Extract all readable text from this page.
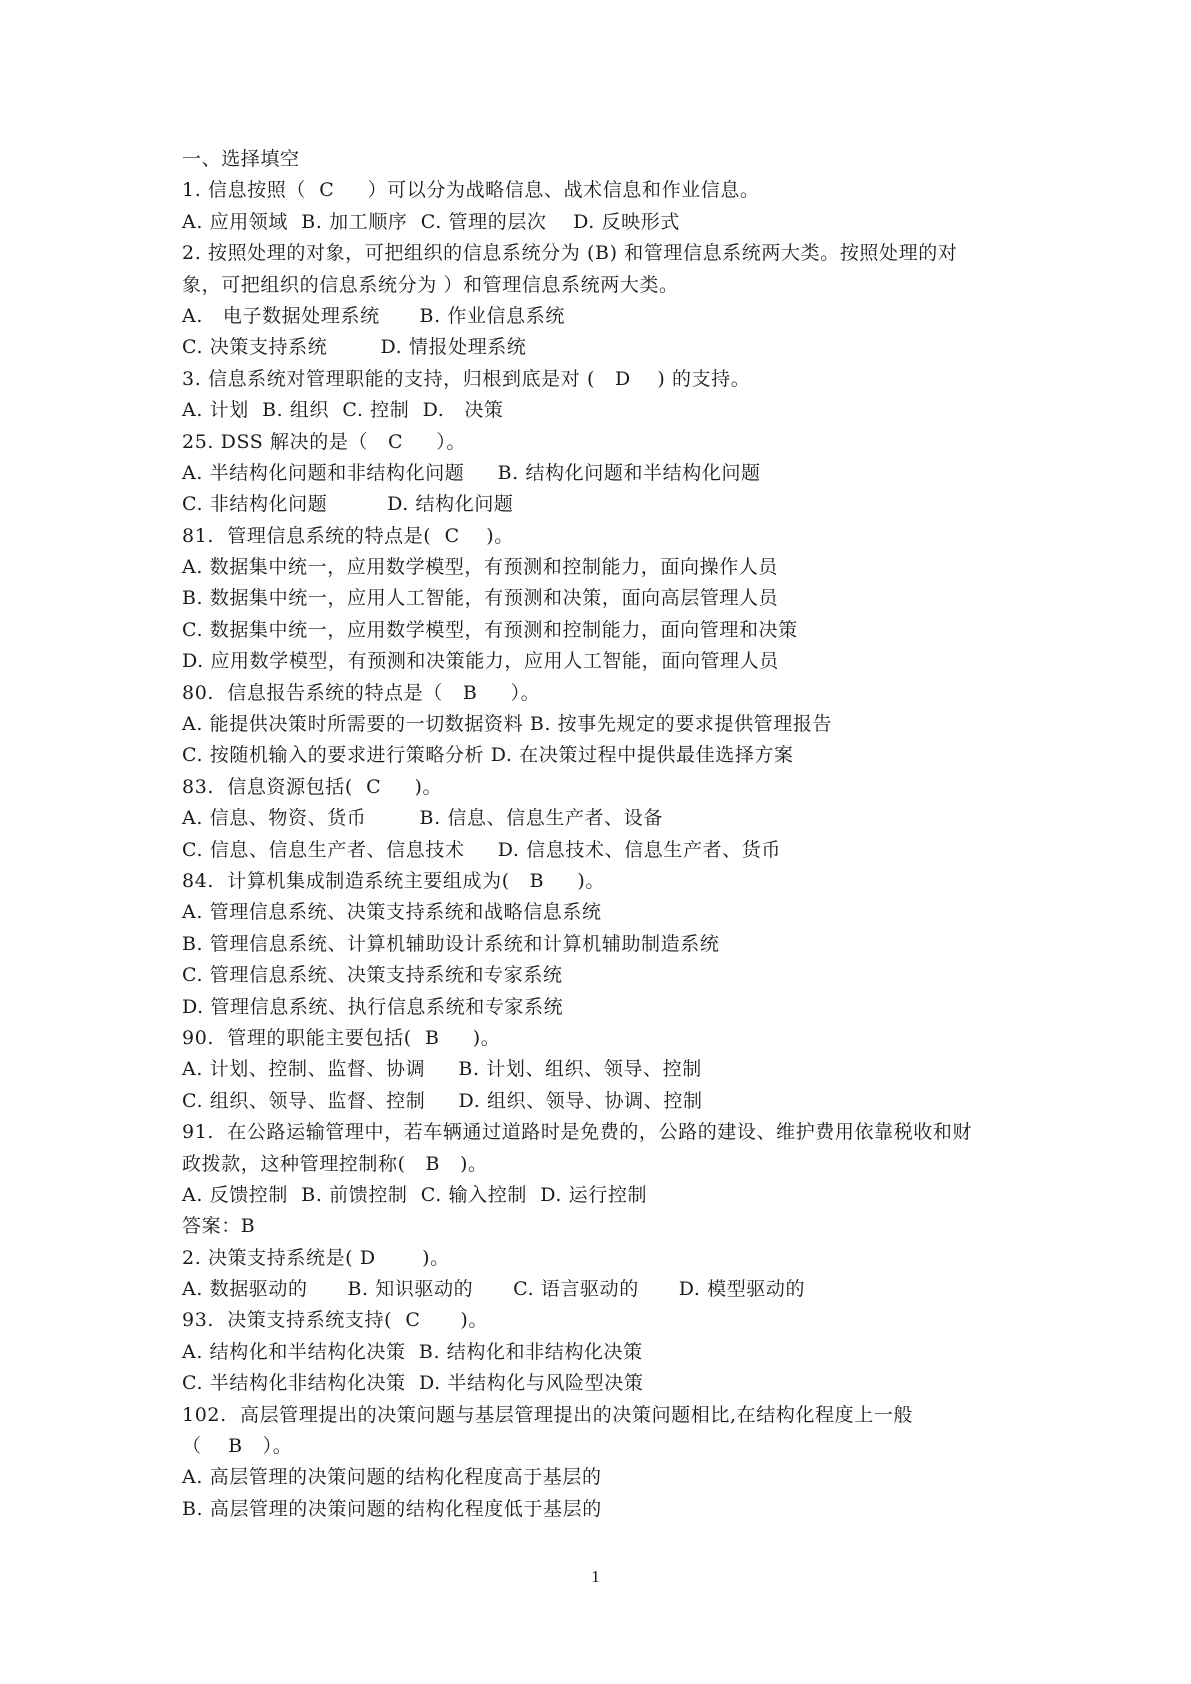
一、选择填空
1. 信息按照（  C     ）可以分为战略信息、战术信息和作业信息。
A. 应用领域  B. 加工顺序  C. 管理的层次    D. 反映形式
2. 按照处理的对象，可把组织的信息系统分为 (B) 和管理信息系统两大类。按照处理的对
象，可把组织的信息系统分为 ）和管理信息系统两大类。
A.   电子数据处理系统      B. 作业信息系统
C. 决策支持系统        D. 情报处理系统
3. 信息系统对管理职能的支持，归根到底是对 (   D    ) 的支持。
A. 计划  B. 组织  C. 控制  D.   决策
25. DSS 解决的是（   C     ）。
A. 半结构化问题和非结构化问题     B. 结构化问题和半结构化问题
C. 非结构化问题         D. 结构化问题
81.  管理信息系统的特点是(  C    )。
A. 数据集中统一，应用数学模型，有预测和控制能力，面向操作人员
B. 数据集中统一，应用人工智能，有预测和决策，面向高层管理人员
C. 数据集中统一，应用数学模型，有预测和控制能力，面向管理和决策
D. 应用数学模型，有预测和决策能力，应用人工智能，面向管理人员
80.  信息报告系统的特点是（   B     ）。
A. 能提供决策时所需要的一切数据资料 B. 按事先规定的要求提供管理报告
C. 按随机输入的要求进行策略分析 D. 在决策过程中提供最佳选择方案
83.  信息资源包括(  C     )。
A. 信息、物资、货币        B. 信息、信息生产者、设备
C. 信息、信息生产者、信息技术     D. 信息技术、信息生产者、货币
84.  计算机集成制造系统主要组成为(   B     )。
A. 管理信息系统、决策支持系统和战略信息系统
B. 管理信息系统、计算机辅助设计系统和计算机辅助制造系统
C. 管理信息系统、决策支持系统和专家系统
D. 管理信息系统、执行信息系统和专家系统
90.  管理的职能主要包括(  B     )。
A. 计划、控制、监督、协调     B. 计划、组织、领导、控制
C. 组织、领导、监督、控制     D. 组织、领导、协调、控制
91.  在公路运输管理中，若车辆通过道路时是免费的，公路的建设、维护费用依靠税收和财
政拨款，这种管理控制称(   B   )。
A. 反馈控制  B. 前馈控制  C. 输入控制  D. 运行控制
答案：B
2. 决策支持系统是( D       )。
A. 数据驱动的      B. 知识驱动的      C. 语言驱动的      D. 模型驱动的
93.  决策支持系统支持(  C      )。
A. 结构化和半结构化决策  B. 结构化和非结构化决策
C. 半结构化非结构化决策  D. 半结构化与风险型决策
102.  高层管理提出的决策问题与基层管理提出的决策问题相比,在结构化程度上一般
（    B   ）。
A. 高层管理的决策问题的结构化程度高于基层的
B. 高层管理的决策问题的结构化程度低于基层的
1
